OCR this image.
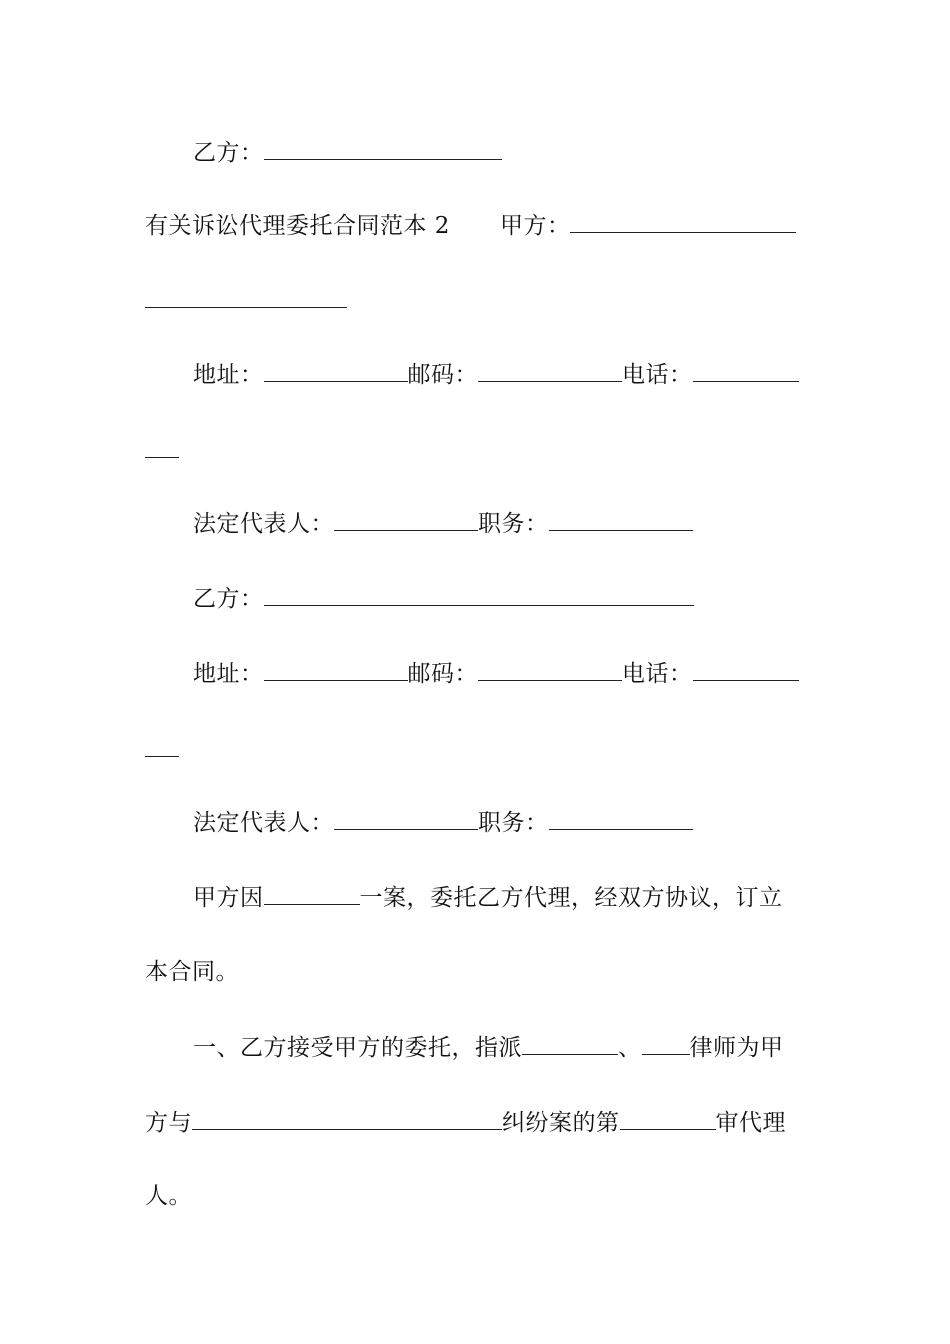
乙方：
有关诉讼代理委托合同范本 2 甲方：
地址：	邮码：	电话：
法定代表人：	职务：
乙方：
地址：	邮码：	电话：
法定代表人：	职务：
甲方因	一案，委托乙方代理，经双方协议，订立
本合同。
一、乙方接受甲方的委托，指派	、 律师为甲
方与	纠纷案的第	审代理
人。
